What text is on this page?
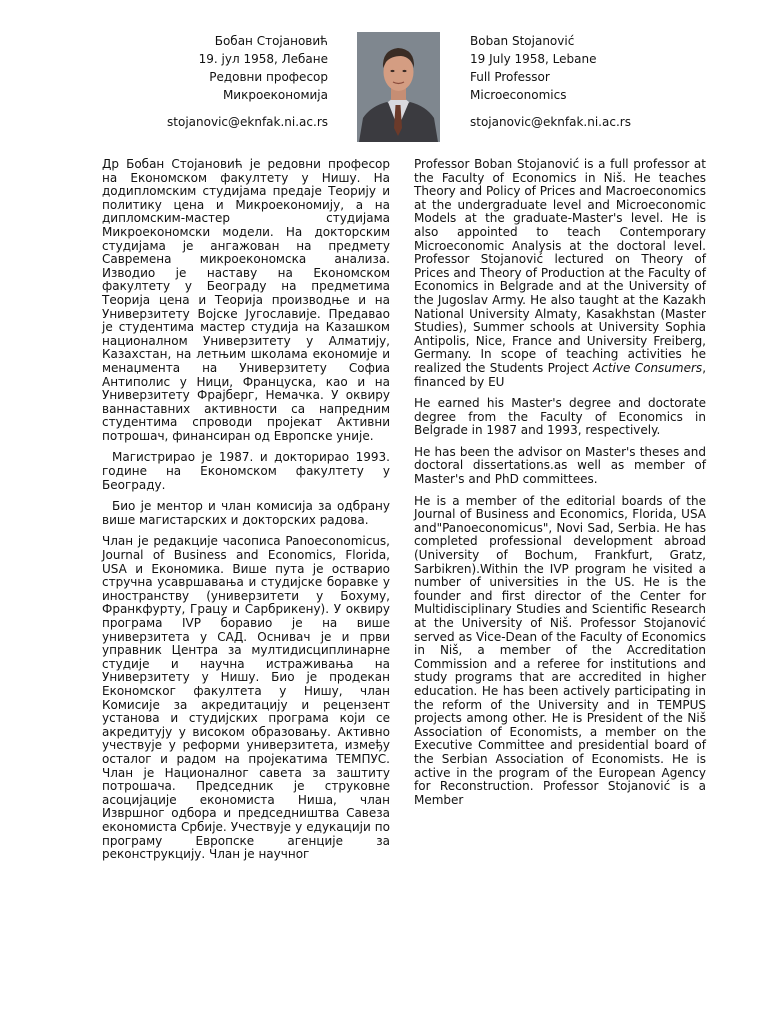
Бобан Стојановић
19. јул 1958, Лебане
Редовни професор
Микроекономија
stojanovic@eknfak.ni.ac.rs
Boban Stojanović
19 July 1958, Lebane
Full Professor
Microeconomics
stojanovic@eknfak.ni.ac.rs

Др Бобан Стојановић је редовни професор на Економском факултету у Нишу. На додипломским студијама предаје Теорију и политику цена и Микроекономију, а на дипломским-мастер студијама Микроекономски модели. На докторским студијама је ангажован на предмету Савремена микроекономска анализа. Изводио је наставу на Економском факултету у Београду на предметима Теорија цена и Теорија производње и на Универзитету Војске Југославије. Предавао је студентима мастер студија на Казашком националном Универзитету у Алматију, Казахстан, на летњим школама економије и менаџмента на Универзитету Софиа Антиполис у Ници, Француска, као и на Универзитету Фрајберг, Немачка. У оквиру ваннаставних активности са напредним студентима спроводи пројекат Активни потрошач, финансиран од Европске уније.

Магистрирао је 1987. и докторирао 1993. године на Економском факултету у Београду.

Био је ментор и члан комисија за одбрану више магистарских и докторских радова.

Члан је редакције часописа Panoeconomicus, Journal of Business and Economics, Florida, USA и Економика. Више пута је остварио стручна усавршавања и студијске боравке у иностранству (универзитети у Бохуму, Франкфурту, Грацу и Сарбрикену). У оквиру програма IVP боравио је на више универзитета у САД. Оснивач је и први управник Центра за мултидисциплинарне студије и научна истраживања на Универзитету у Нишу. Био је продекан Економског факултета у Нишу, члан Комисије за акредитацију и рецензент установа и студијских програма који се акредитују у високом образовању. Активно учествује у реформи универзитета, између осталог и радом на пројекатима ТЕМПУС. Члан је Националног савета за заштиту потрошача. Председник је струковне асоцијације економиста Ниша, члан Извршног одбора и председништва Савеза економиста Србије. Учествује у едукацији по програму Европске агенције за реконструкцију. Члан је научног

Professor Boban Stojanović is a full professor at the Faculty of Economics in Niš. He teaches Theory and Policy of Prices and Macroeconomics at the undergraduate level and Microeconomic Models at the graduate-Master's level. He is also appointed to teach Contemporary Microeconomic Analysis at the doctoral level. Professor Stojanović lectured on Theory of Prices and Theory of Production at the Faculty of Economics in Belgrade and at the University of the Jugoslav Army. He also taught at the Kazakh National University Almaty, Kasakhstan (Master Studies), Summer schools at University Sophia Antipolis, Nice, France and University Freiberg, Germany. In scope of teaching activities he realized the Students Project Active Consumers, financed by EU

He earned his Master's degree and doctorate degree from the Faculty of Economics in Belgrade in 1987 and 1993, respectively.

He has been the advisor on Master's theses and doctoral dissertations.as well as member of Master's and PhD committees.

He is a member of the editorial boards of the Journal of Business and Economics, Florida, USA and"Panoeconomicus", Novi Sad, Serbia. He has completed professional development abroad (University of Bochum, Frankfurt, Gratz, Sarbikren).Within the IVP program he visited a number of universities in the US. He is the founder and first director of the Center for Multidisciplinary Studies and Scientific Research at the University of Niš. Professor Stojanović served as Vice-Dean of the Faculty of Economics in Niš, a member of the Accreditation Commission and a referee for institutions and study programs that are accredited in higher education. He has been actively participating in the reform of the University and in TEMPUS projects among other. He is President of the Niš Association of Economists, a member on the Executive Committee and presidential board of the Serbian Association of Economists. He is active in the program of the European Agency for Reconstruction. Professor Stojanović is a Member
